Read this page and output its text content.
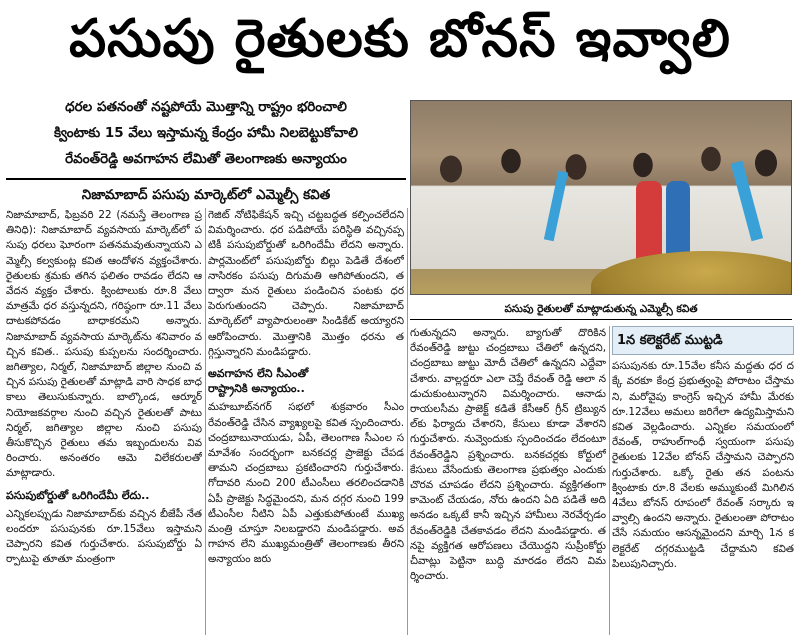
పసుపు రైతులకు బోనస్ ఇవ్వాలి
ధరల పతనంతో నష్టపోయే మొత్తాన్ని రాష్ట్రం భరించాలి
క్వింటాకు 15 వేలు ఇస్తామన్న కేంద్రం హామీ నిలబెట్టుకోవాలి
రేవంత్‌రెడ్డి అవగాహన లేమితో తెలంగాణకు అన్యాయం
నిజామాబాద్ పసుపు మార్కెట్‌లో ఎమ్మెల్సీ కవిత
పసుపు రైతులతో మాట్లాడుతున్న ఎమ్మెల్సీ కవిత

నిజామాబాద్, ఫిబ్రవరి 22 (నమస్తే తెలంగాణ ప్రతినిధి): నిజామాబాద్ వ్యవసాయ మార్కెట్‌లో పసుపు ధరలు ఘోరంగా పతనమవుతున్నాయని ఎమ్మెల్సీ కల్వకుంట్ల కవిత ఆందోళన వ్యక్తంచేశారు. రైతులకు శ్రమకు తగిన ఫలితం రావడం లేదని ఆవేదన వ్యక్తం చేశారు. క్వింటాలుకు రూ.8 వేలు మాత్రమే ధర వస్తున్నదని, గరిష్ఠంగా రూ.11 వేలు దాటకపోవడం బాధాకరమని అన్నారు. నిజామాబాద్ వ్యవసాయ మార్కెట్‌ను శనివారం వచ్చిన కవిత.. పసుపు కుప్పలను సందర్శించారు. జగిత్యాల, నిర్మల్, నిజామాబాద్ జిల్లాల నుంచి వచ్చిన పసుపు రైతులతో మాట్లాడి వారి సాధక బాధకాలు తెలుసుకున్నారు. బాల్కొండ, ఆర్మూర్ నియోజకవర్గాల నుంచి వచ్చిన రైతులతో పాటు నిర్మల్, జగిత్యాల జిల్లాల నుంచి పసుపు తీసుకొచ్చిన రైతులు తమ ఇబ్బందులను వివరించారు. అనంతరం ఆమె విలేకరులతో మాట్లాడారు.

పసుపుబోర్డుతో ఒరిగిందేమీ లేదు..

ఎన్నికలప్పుడు నిజామాబాద్‌కు వచ్చిన బీజేపీ నేతలందరూ పసుపునకు రూ.15వేలు ఇస్తామని చెప్పారని కవిత గుర్తుచేశారు. పసుపుబోర్డు ఏర్పాటుపై తూతూ మంత్రంగా

గెజిట్ నోటిఫికేషన్ ఇచ్చి చట్టబద్ధత కల్పించలేదని విమర్శించారు. ధర పడిపోయే పరిస్థితి వచ్చినప్పటికీ పసుపుబోర్డుతో ఒరిగిందేమీ లేదని అన్నారు. పార్లమెంట్‌లో పసుపుబోర్డు బిల్లు పెడితే దేశంలో నాసిరకం పసుపు దిగుమతి ఆగిపోతుందని, తద్వారా మన రైతులు పండించిన పంటకు ధర పెరుగుతుందని చెప్పారు. నిజామాబాద్ మార్కెట్‌లో వ్యాపారులంతా సిండికేట్ అయ్యారని ఆరోపించారు. మొత్తానికి మొత్తం ధరను తగ్గిస్తున్నారని మండిపడ్డారు.

అవగాహన లేని సీఎంతో
రాష్ట్రానికి అన్యాయం..

మహబూబ్‌నగర్ సభలో శుక్రవారం సీఎం రేవంత్‌రెడ్డి చేసిన వ్యాఖ్యలపై కవిత స్పందించారు. చంద్రబాబునాయుడు, ఏపీ, తెలంగాణ సీఎంల సమావేశం సందర్భంగా బనకచర్ల ప్రాజెక్టు చేపడతామని చంద్రబాబు ప్రకటించారని గుర్తుచేశారు. గోదావరి నుంచి 200 టీఎంసీలు తరలించడానికి ఏపీ ప్రాజెక్టు సిద్ధమైందని, మన దగ్గర నుంచి 199 టీఎంసీల నీటిని ఏపీ ఎత్తుకుపోతుంటే ముఖ్యమంత్రి చూస్తూ నిలబడ్డారని మండిపడ్డారు. అవగాహన లేని ముఖ్యమంత్రితో తెలంగాణకు తీరని అన్యాయం జరు

గుతున్నదని అన్నారు. బ్యాగుతో దొరికిన రేవంత్‌రెడ్డి జుట్టు చంద్రబాబు చేతిలో ఉన్నదని, చంద్రబాబు జుట్టు మోదీ చేతిలో ఉన్నదని ఎద్దేవా చేశారు. వాల్లద్దరూ ఎలా చెప్తే రేవంత్ రెడ్డి ఆలా నడుచుకుంటున్నారని విమర్శించారు. ఆనాడు రాయలసీమ ప్రాజెక్ట్‌ కడితే కేసీఆర్ గ్రీన్ ట్రిబ్యునల్‌కు ఫిర్యాదు చేశారని, కేసులు కూడా వేశారని గుర్తుచేశారు. నువ్వెందుకు స్పందించడం లేదంటూ రేవంత్‌రెడ్డిని ప్రశ్నించారు. బనకచర్లకు కోర్టులో కేసులు వేసేందుకు తెలంగాణ ప్రభుత్వం ఎందుకు చొరవ చూపడం లేదని ప్రశ్నించారు. వ్యక్తిగతంగా కామెంట్ చేయడం, నోరు ఉందని ఏది పడితే అది అనడం ఒక్కటే కానీ ఇచ్చిన హామీలు నెరవేర్చడం రేవంత్‌రెడ్డికి చేతకావడం లేదని మండిపడ్డారు. తనపై వ్యక్తిగత ఆరోపణలు చేయొద్దని సుప్రీంకోర్టు చీవాట్లు పెట్టినా బుద్ధి మారడం లేదని విమర్శించారు.

1న కలెక్టరేట్ ముట్టడి

పసుపునకు రూ.15వేల కనీస మద్దతు ధర దక్కే వరకూ కేంద్ర ప్రభుత్వంపై పోరాటం చేస్తామని, మరోవైపు కాంగ్రెస్ ఇచ్చిన హామీ మేరకు రూ.12వేలు అమలు జరిగేలా ఉద్యమిస్తామని కవిత వెల్లడించారు. ఎన్నికల సమయంలో రేవంత్, రాహుల్‌గాంధీ స్వయంగా పసుపు రైతులకు 12వేల బోనస్ చేస్తామని చెప్పారని గుర్తుచేశారు. ఒక్కో రైతు తన పంటను క్వింటాకు రూ.8 వేలకు అమ్ముకుంటే మిగిలిన 4వేలు బోనస్ రూపంలో రేవంత్ సర్కారు ఇవ్వాల్సి ఉందని అన్నారు. రైతులంతా పోరాటం చేసే సమయం ఆసన్నమైందని మార్చి 1న కలెక్టరేట్ దగ్గరముట్టడి చేద్దామని కవిత పిలుపునిచ్చారు.
